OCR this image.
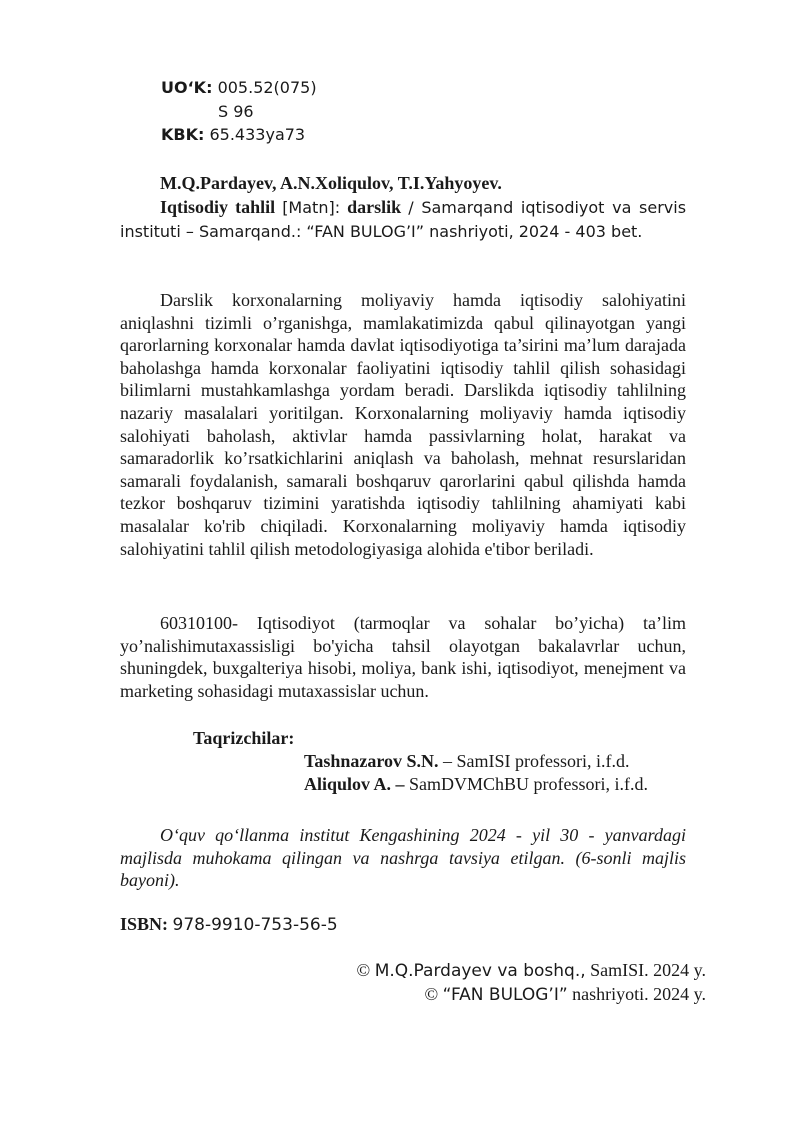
UO‘K: 005.52(075)
S 96
KBK: 65.433ya73
M.Q.Pardayev, A.N.Xoliqulov, T.I.Yahyoyev.
Iqtisodiy tahlil [Matn]: darslik / Samarqand iqtisodiyot va servis instituti – Samarqand.: “FAN BULOG’I” nashriyoti, 2024 - 403 bet.
Darslik korxonalarning moliyaviy hamda iqtisodiy salohiyatini aniqlashni tizimli o’rganishga, mamlakatimizda qabul qilinayotgan yangi qarorlarning korxonalar hamda davlat iqtisodiyotiga ta’sirini ma’lum darajada baholashga hamda korxonalar faoliyatini iqtisodiy tahlil qilish sohasidagi bilimlarni mustahkamlashga yordam beradi. Darslikda iqtisodiy tahlilning nazariy masalalari yoritilgan. Korxonalarning moliyaviy hamda iqtisodiy salohiyati baholash, aktivlar hamda passivlarning holat, harakat va samaradorlik ko’rsatkichlarini aniqlash va baholash, mehnat resurslaridan samarali foydalanish, samarali boshqaruv qarorlarini qabul qilishda hamda tezkor boshqaruv tizimini yaratishda iqtisodiy tahlilning ahamiyati kabi masalalar ko'rib chiqiladi. Korxonalarning moliyaviy hamda iqtisodiy salohiyatini tahlil qilish metodologiyasiga alohida e'tibor beriladi.
60310100- Iqtisodiyot (tarmoqlar va sohalar bo’yicha) ta’lim yo’nalishimutaxassisligi bo'yicha tahsil olayotgan bakalavrlar uchun, shuningdek, buxgalteriya hisobi, moliya, bank ishi, iqtisodiyot, menejment va marketing sohasidagi mutaxassislar uchun.
Taqrizchilar:
Tashnazarov S.N. – SamISI professori, i.f.d.
Aliqulov A. – SamDVMChBU professori, i.f.d.
O‘quv qo‘llanma institut Kengashining 2024 - yil 30 - yanvardagi majlisda muhokama qilingan va nashrga tavsiya etilgan. (6-sonli majlis bayoni).
ISBN: 978-9910-753-56-5
© M.Q.Pardayev va boshq., SamISI. 2024 y.
© “FAN BULOG’I” nashriyoti. 2024 y.
